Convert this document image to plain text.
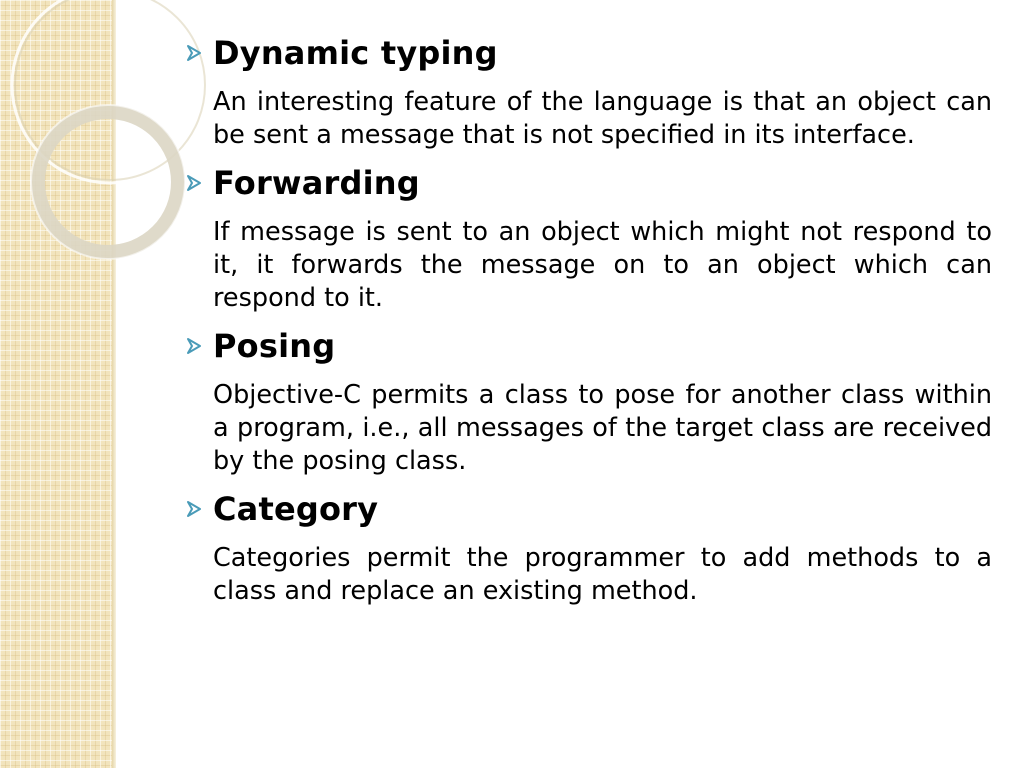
Dynamic typing
An interesting feature of the language is that an object can be sent a message that is not specified in its interface.
Forwarding
If message is sent to an object which might not respond to it, it forwards the message on to an object which can respond to it.
Posing
Objective-C permits a class to pose for another class within a program, i.e., all messages of the target class are received by the posing class.
Category
Categories permit the programmer to add methods to a class and replace an existing method.
